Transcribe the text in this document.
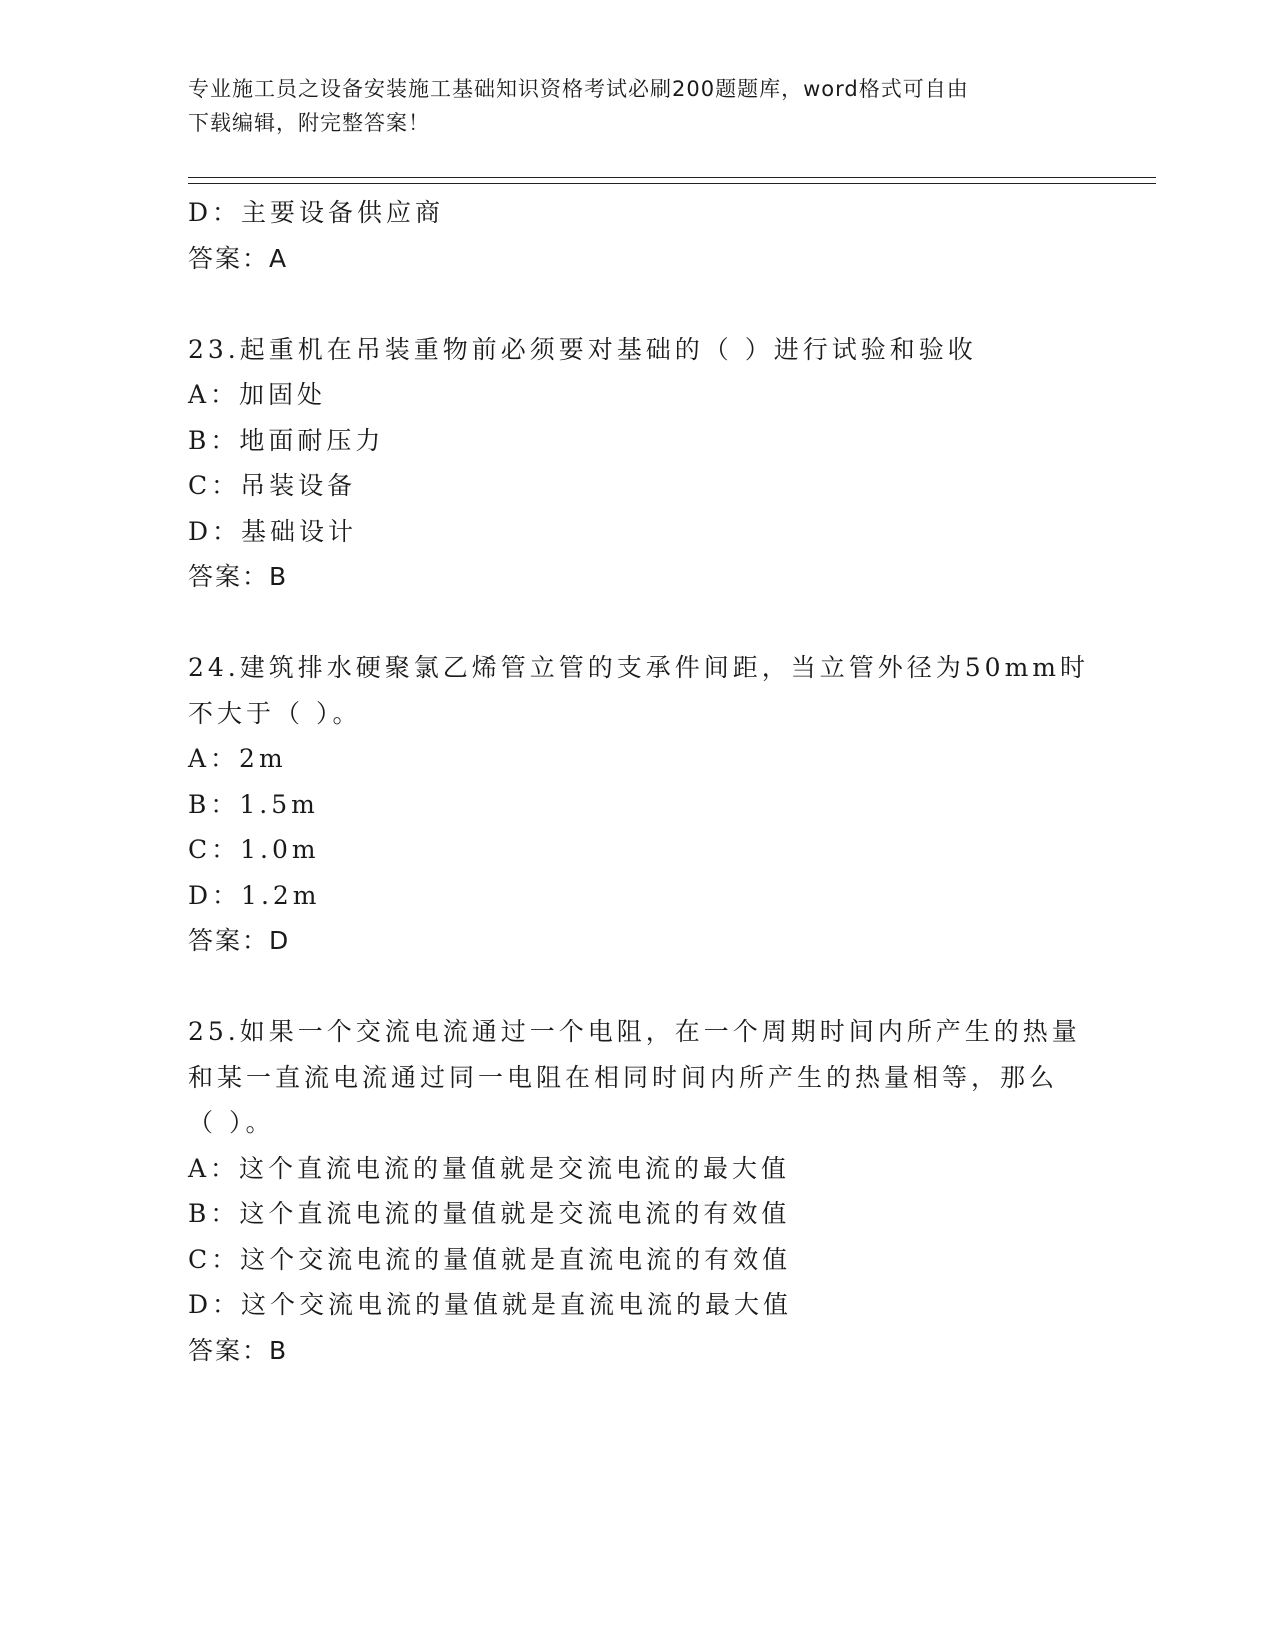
专业施工员之设备安装施工基础知识资格考试必刷200题题库，word格式可自由
下载编辑，附完整答案！
D：主要设备供应商
答案：A
23.起重机在吊装重物前必须要对基础的（ ）进行试验和验收
A：加固处
B：地面耐压力
C：吊装设备
D：基础设计
答案：B
24.建筑排水硬聚氯乙烯管立管的支承件间距，当立管外径为50mm时
不大于（ ）。
A：2m
B：1.5m
C：1.0m
D：1.2m
答案：D
25.如果一个交流电流通过一个电阻，在一个周期时间内所产生的热量
和某一直流电流通过同一电阻在相同时间内所产生的热量相等，那么
（ ）。
A：这个直流电流的量值就是交流电流的最大值
B：这个直流电流的量值就是交流电流的有效值
C：这个交流电流的量值就是直流电流的有效值
D：这个交流电流的量值就是直流电流的最大值
答案：B
